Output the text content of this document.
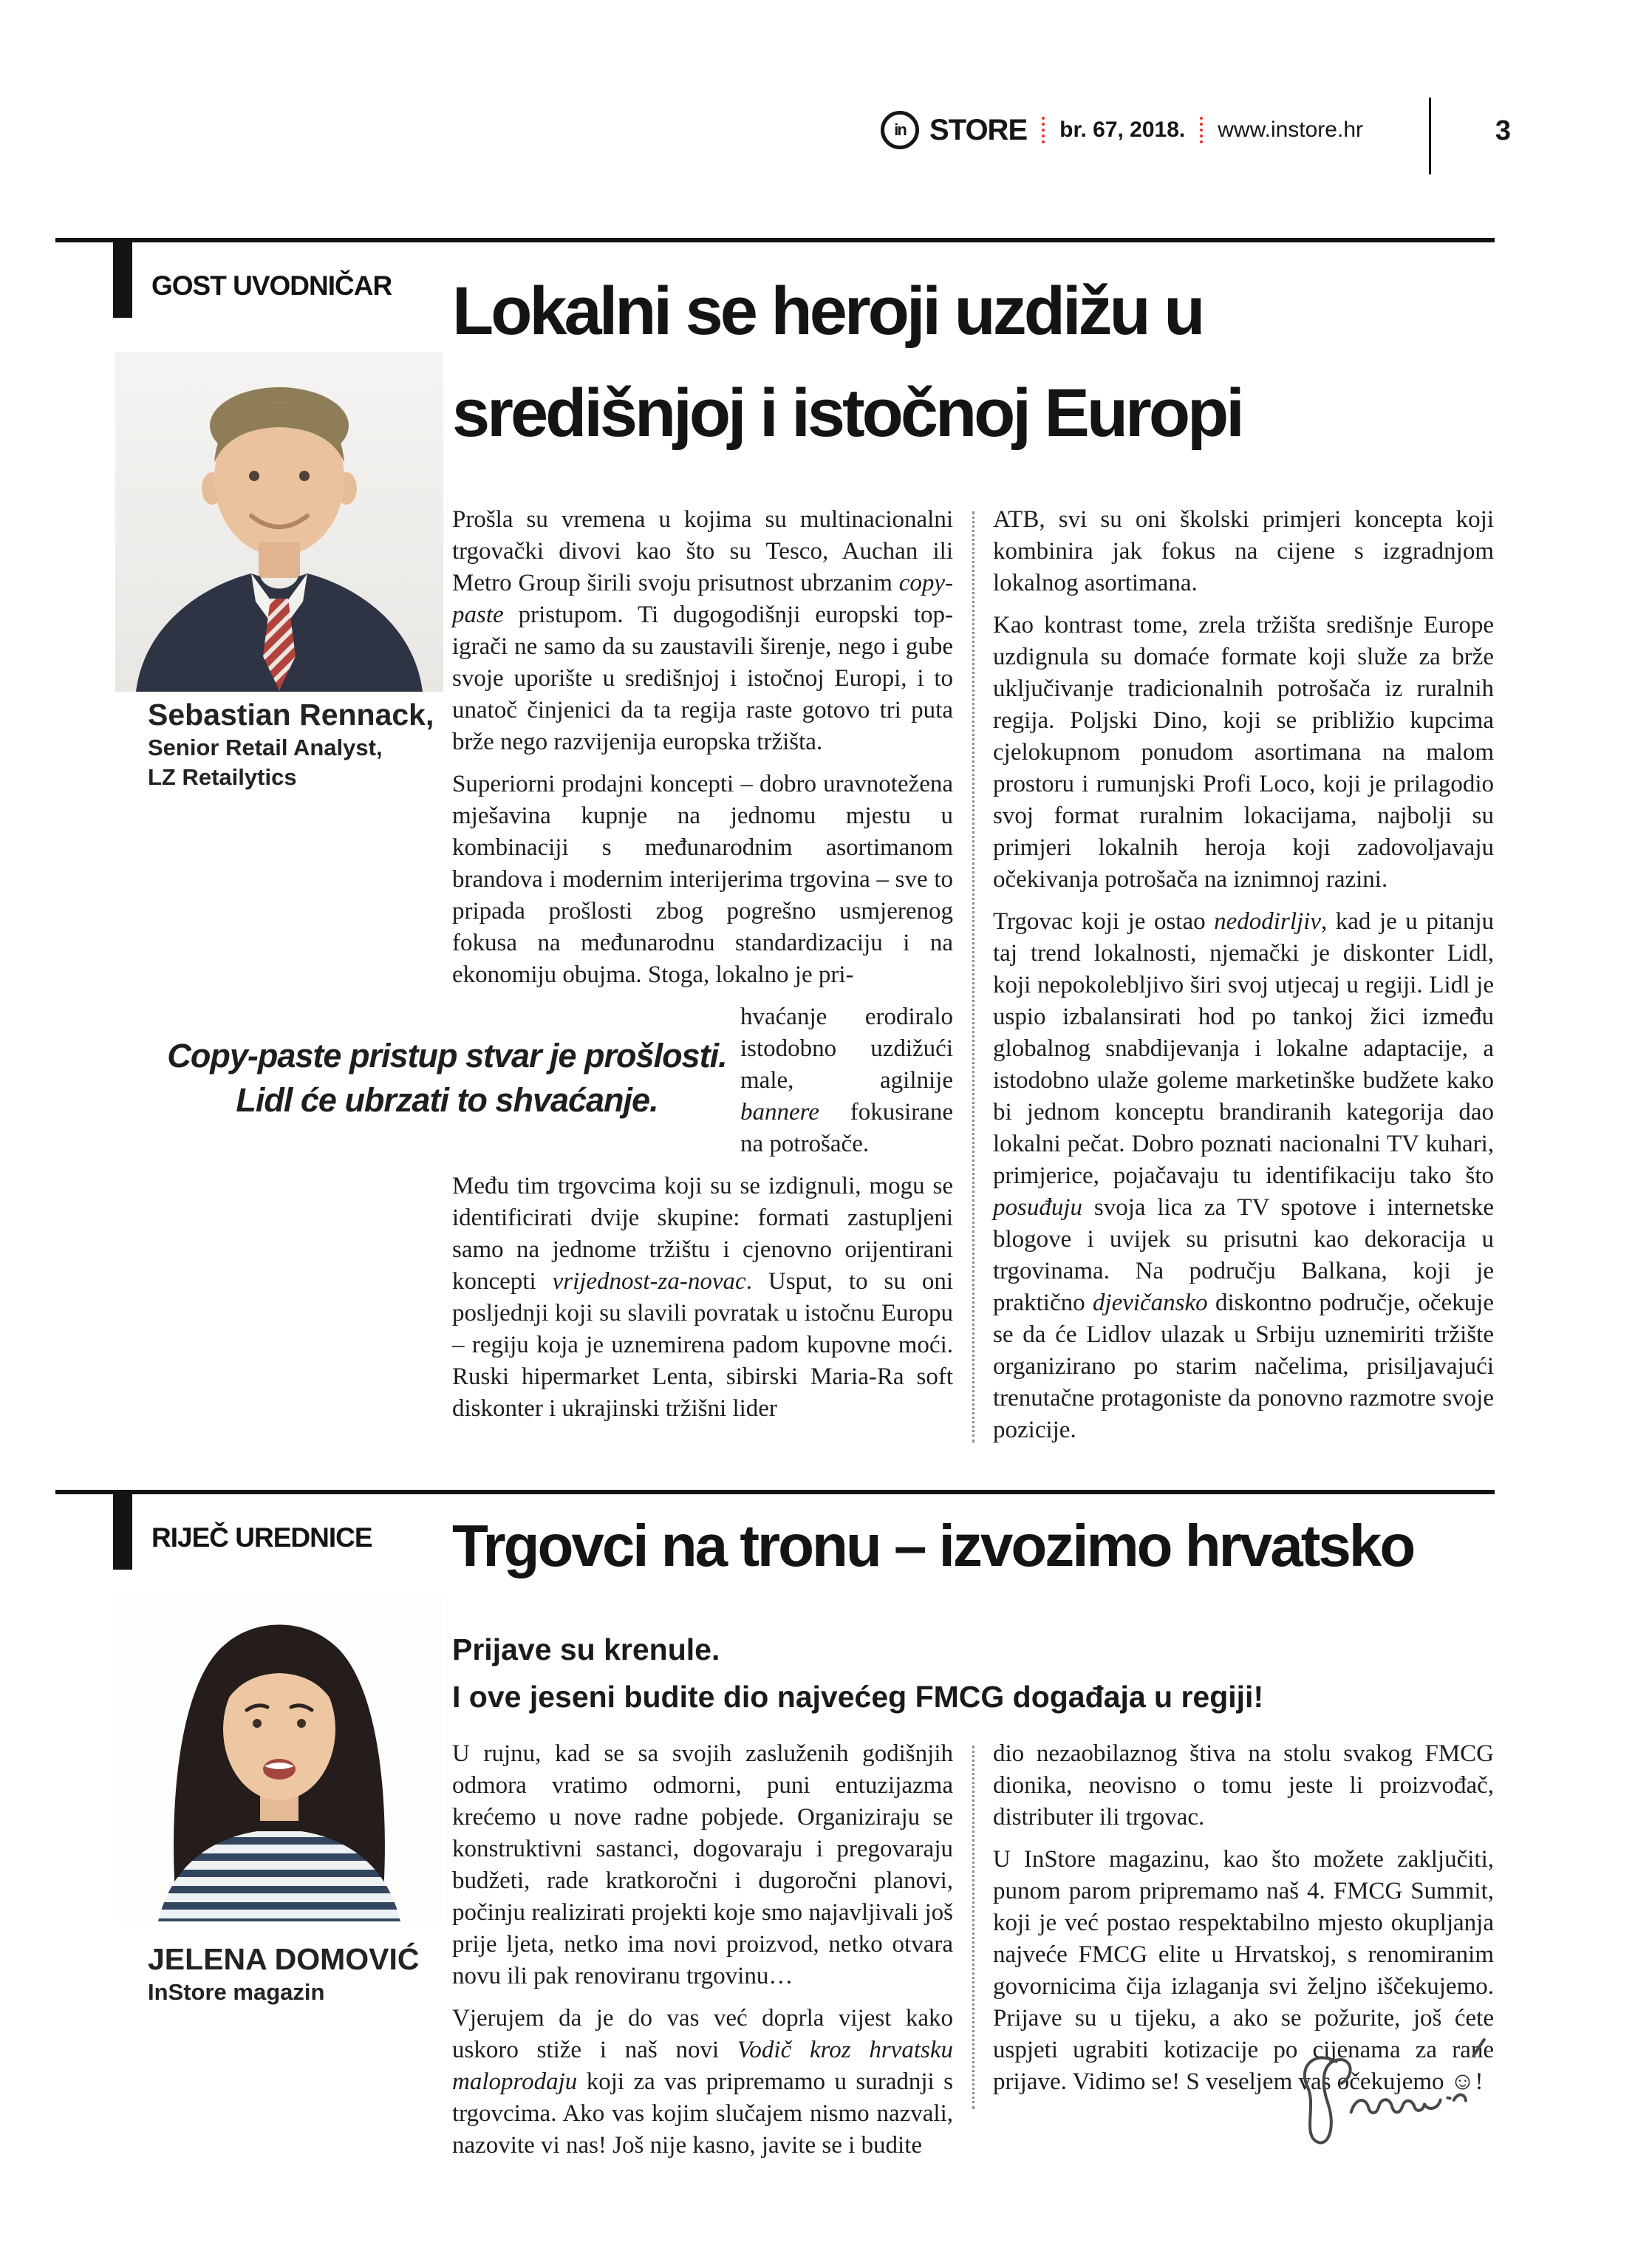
in STORE br. 67, 2018. www.instore.hr	3
GOST UVODNIČAR Lokalni se heroji uzdižu u
središnjoj i istočnoj Europi
Sebastian Rennack,
Senior Retail Analyst,
LZ Retailytics

Prošla su vremena u kojima su multinacionalni trgovački divovi kao što su Tesco, Auchan ili Metro Group širili svoju prisutnost ubrzanim copy-paste pristupom. Ti dugogodišnji europski top-igrači ne samo da su zaustavili širenje, nego i gube svoje uporište u središnjoj i istočnoj Europi, i to unatoč činjenici da ta regija raste gotovo tri puta brže nego razvijenija europska tržišta.

Superiorni prodajni koncepti – dobro uravnotežena mješavina kupnje na jednomu mjestu u kombinaciji s međunarodnim asortimanom brandova i modernim interijerima trgovina – sve to pripada prošlosti zbog pogrešno usmjerenog fokusa na međunarodnu standardizaciju i na ekonomiju obujma. Stoga, lokalno je pri-

Copy-paste pristup stvar je prošlosti.
Lidl će ubrzati to shvaćanje.
hvaćanje erodiralo istodobno uzdižući male, agilnije bannere fokusirane na potrošače.

Među tim trgovcima koji su se izdignuli, mogu se identificirati dvije skupine: formati zastupljeni samo na jednome tržištu i cjenovno orijentirani koncepti vrijednost-za-novac. Usput, to su oni posljednji koji su slavili povratak u istočnu Europu – regiju koja je uznemirena padom kupovne moći. Ruski hipermarket Lenta, sibirski Maria-Ra soft diskonter i ukrajinski tržišni lider

ATB, svi su oni školski primjeri koncepta koji kombinira jak fokus na cijene s izgradnjom lokalnog asortimana.

Kao kontrast tome, zrela tržišta središnje Europe uzdignula su domaće formate koji služe za brže uključivanje tradicionalnih potrošača iz ruralnih regija. Poljski Dino, koji se približio kupcima cjelokupnom ponudom asortimana na malom prostoru i rumunjski Profi Loco, koji je prilagodio svoj format ruralnim lokacijama, najbolji su primjeri lokalnih heroja koji zadovoljavaju očekivanja potrošača na iznimnoj razini.

Trgovac koji je ostao nedodirljiv, kad je u pitanju taj trend lokalnosti, njemački je diskonter Lidl, koji nepokolebljivo širi svoj utjecaj u regiji. Lidl je uspio izbalansirati hod po tankoj žici između globalnog snabdijevanja i lokalne adaptacije, a istodobno ulaže goleme marketinške budžete kako bi jednom konceptu brandiranih kategorija dao lokalni pečat. Dobro poznati nacionalni TV kuhari, primjerice, pojačavaju tu identifikaciju tako što posuđuju svoja lica za TV spotove i internetske blogove i uvijek su prisutni kao dekoracija u trgovinama. Na području Balkana, koji je praktično djevičansko diskontno područje, očekuje se da će Lidlov ulazak u Srbiju uznemiriti tržište organizirano po starim načelima, prisiljavajući trenutačne protagoniste da ponovno razmotre svoje pozicije.

RIJEČ UREDNICE Trgovci na tronu – izvozimo hrvatsko
JELENA DOMOVIĆ
InStore magazin
Prijave su krenule.
I ove jeseni budite dio najvećeg FMCG događaja u regiji!

U rujnu, kad se sa svojih zasluženih godišnjih odmora vratimo odmorni, puni entuzijazma krećemo u nove radne pobjede. Organiziraju se konstruktivni sastanci, dogovaraju i pregovaraju budžeti, rade kratkoročni i dugoročni planovi, počinju realizirati projekti koje smo najavljivali još prije ljeta, netko ima novi proizvod, netko otvara novu ili pak renoviranu trgovinu…

Vjerujem da je do vas već doprla vijest kako uskoro stiže i naš novi Vodič kroz hrvatsku maloprodaju koji za vas pripremamo u suradnji s trgovcima. Ako vas kojim slučajem nismo nazvali, nazovite vi nas! Još nije kasno, javite se i budite

dio nezaobilaznog štiva na stolu svakog FMCG dionika, neovisno o tomu jeste li proizvođač, distributer ili trgovac.

U InStore magazinu, kao što možete zaključiti, punom parom pripremamo naš 4. FMCG Summit, koji je već postao respektabilno mjesto okupljanja najveće FMCG elite u Hrvatskoj, s renomiranim govornicima čija izlaganja svi željno iščekujemo. Prijave su u tijeku, a ako se požurite, još ćete uspjeti ugrabiti kotizacije po cijenama za rane prijave. Vidimo se! S veseljem vas očekujemo ☺!
